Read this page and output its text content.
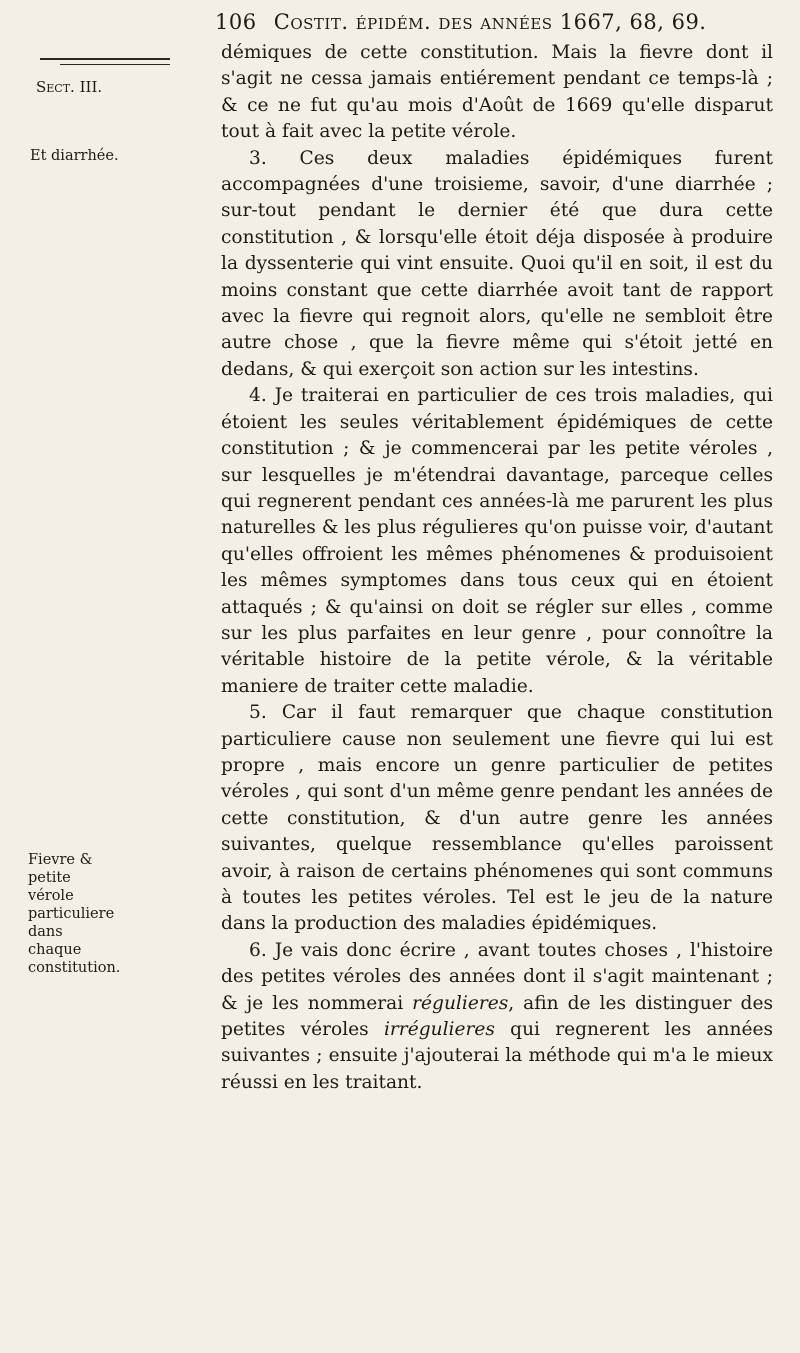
106 Costit. épidém. des années 1667, 68, 69.
Sect. III.
Et diarrhée.
Fievre & petite vérole particuliere dans chaque constitution.

démiques de cette constitution. Mais la fievre dont il s'agit ne cessa jamais entiérement pendant ce temps-là ; & ce ne fut qu'au mois d'Août de 1669 qu'elle disparut tout à fait avec la petite vérole.

3. Ces deux maladies épidémiques furent accompagnées d'une troisieme, savoir, d'une diarrhée ; sur-tout pendant le dernier été que dura cette constitution , & lorsqu'elle étoit déja disposée à produire la dyssenterie qui vint ensuite. Quoi qu'il en soit, il est du moins constant que cette diarrhée avoit tant de rapport avec la fievre qui regnoit alors, qu'elle ne sembloit être autre chose , que la fievre même qui s'étoit jetté en dedans, & qui exerçoit son action sur les intestins.

4. Je traiterai en particulier de ces trois maladies, qui étoient les seules véritablement épidémiques de cette constitution ; & je commencerai par les petite véroles , sur lesquelles je m'étendrai davantage, parceque celles qui regnerent pendant ces années-là me parurent les plus naturelles & les plus régulieres qu'on puisse voir, d'autant qu'elles offroient les mêmes phénomenes & produisoient les mêmes symptomes dans tous ceux qui en étoient attaqués ; & qu'ainsi on doit se régler sur elles , comme sur les plus parfaites en leur genre , pour connoître la véritable histoire de la petite vérole, & la véritable maniere de traiter cette maladie.

5. Car il faut remarquer que chaque constitution particuliere cause non seulement une fievre qui lui est propre , mais encore un genre particulier de petites véroles , qui sont d'un même genre pendant les années de cette constitution, & d'un autre genre les années suivantes, quelque ressemblance qu'elles paroissent avoir, à raison de certains phénomenes qui sont communs à toutes les petites véroles. Tel est le jeu de la nature dans la production des maladies épidémiques.

6. Je vais donc écrire , avant toutes choses , l'histoire des petites véroles des années dont il s'agit maintenant ; & je les nommerai régulieres, afin de les distinguer des petites véroles irrégulieres qui regnerent les années suivantes ; ensuite j'ajouterai la méthode qui m'a le mieux réussi en les traitant.
